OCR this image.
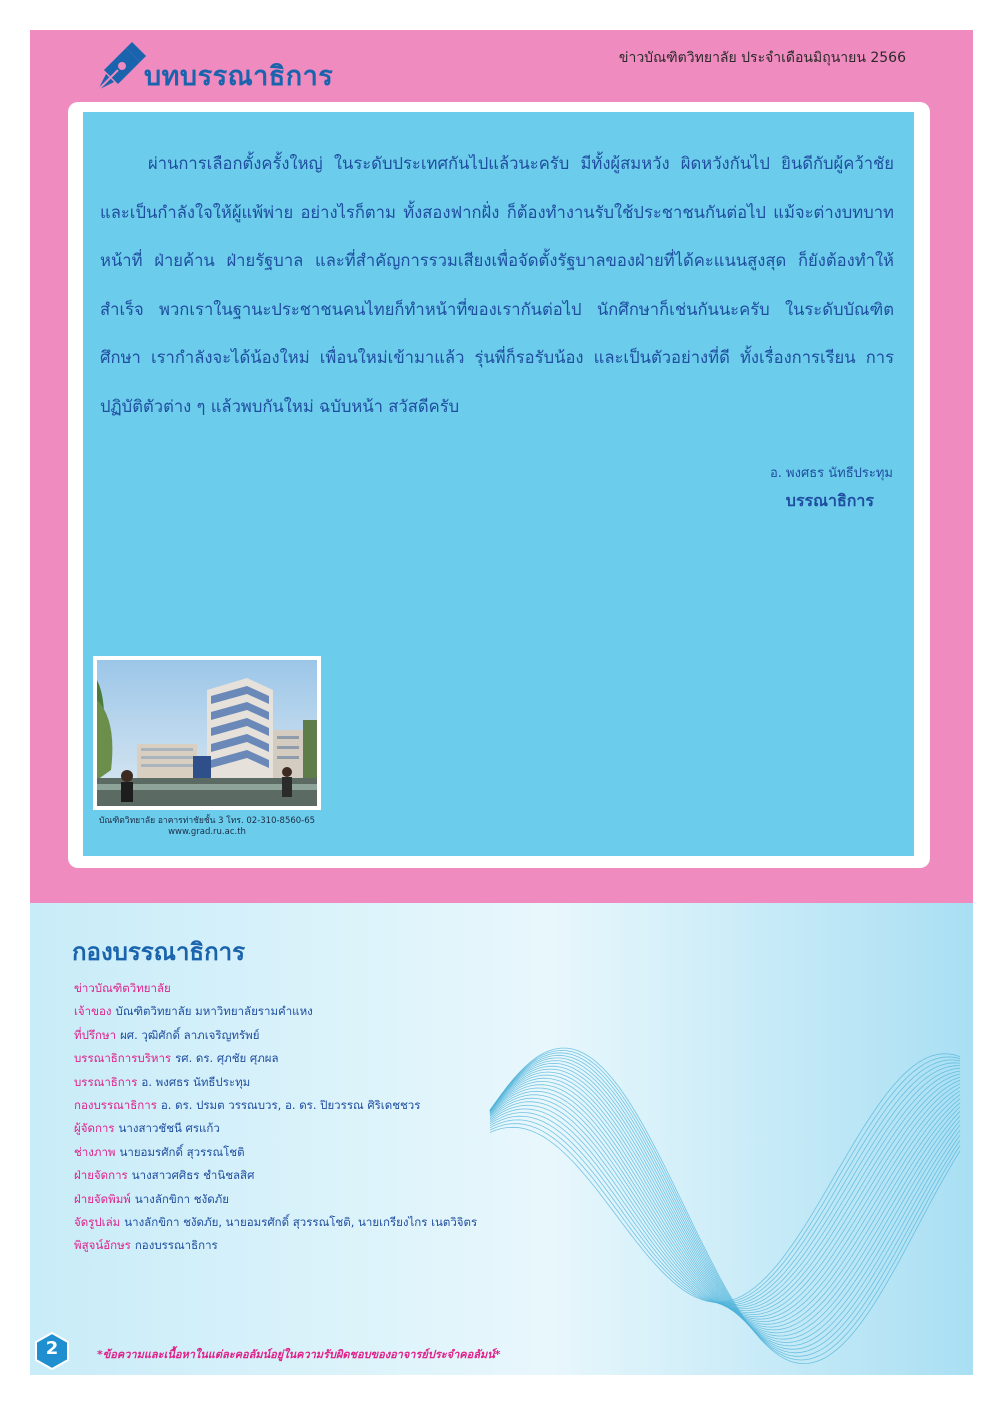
บทบรรณาธิการ
ข่าวบัณฑิตวิทยาลัย ประจำเดือนมิถุนายน 2566

ผ่านการเลือกตั้งครั้งใหญ่ ในระดับประเทศกันไปแล้วนะครับ มีทั้งผู้สมหวัง ผิดหวังกันไป ยินดีกับผู้คว้าชัย และเป็นกำลังใจให้ผู้แพ้พ่าย อย่างไรก็ตาม ทั้งสองฟากฝั่ง ก็ต้องทำงานรับใช้ประชาชนกันต่อไป แม้จะต่างบทบาทหน้าที่ ฝ่ายค้าน ฝ่ายรัฐบาล และที่สำคัญการรวมเสียงเพื่อจัดตั้งรัฐบาลของฝ่ายที่ได้คะแนนสูงสุด ก็ยังต้องทำให้สำเร็จ พวกเราในฐานะประชาชนคนไทยก็ทำหน้าที่ของเรากันต่อไป นักศึกษาก็เช่นกันนะครับ ในระดับบัณฑิตศึกษา เรากำลังจะได้น้องใหม่ เพื่อนใหม่เข้ามาแล้ว รุ่นพี่ก็รอรับน้อง และเป็นตัวอย่างที่ดี ทั้งเรื่องการเรียน การปฏิบัติตัวต่าง ๆ แล้วพบกันใหม่ ฉบับหน้า สวัสดีครับ

อ. พงศธร นัทธีประทุม
บรรณาธิการ
บัณฑิตวิทยาลัย อาคารท่าชัยชั้น 3 โทร. 02-310-8560-65
www.grad.ru.ac.th
กองบรรณาธิการ
ข่าวบัณฑิตวิทยาลัย
เจ้าของ บัณฑิตวิทยาลัย มหาวิทยาลัยรามคำแหง
ที่ปรึกษา ผศ. วุฒิศักดิ์ ลาภเจริญทรัพย์
บรรณาธิการบริหาร รศ. ดร. ศุภชัย ศุภผล
บรรณาธิการ อ. พงศธร นัทธีประทุม
กองบรรณาธิการ อ. ดร. ปรมต วรรณบวร, อ. ดร. ปิยวรรณ ศิริเดชชวร
ผู้จัดการ นางสาวชัชนี ศรแก้ว
ช่างภาพ นายอมรศักดิ์ สุวรรณโชติ
ฝ่ายจัดการ นางสาวศศิธร ชำนิชลสิศ
ฝ่ายจัดพิมพ์ นางลักขิกา ชงัดภัย
จัดรูปเล่ม นางลักขิกา ชงัดภัย, นายอมรศักดิ์ สุวรรณโชติ, นายเกรียงไกร เนตวิจิตร
พิสูจน์อักษร กองบรรณาธิการ
2	*ข้อความและเนื้อหาในแต่ละคอลัมน์อยู่ในความรับผิดชอบของอาจารย์ประจำคอลัมน์*
